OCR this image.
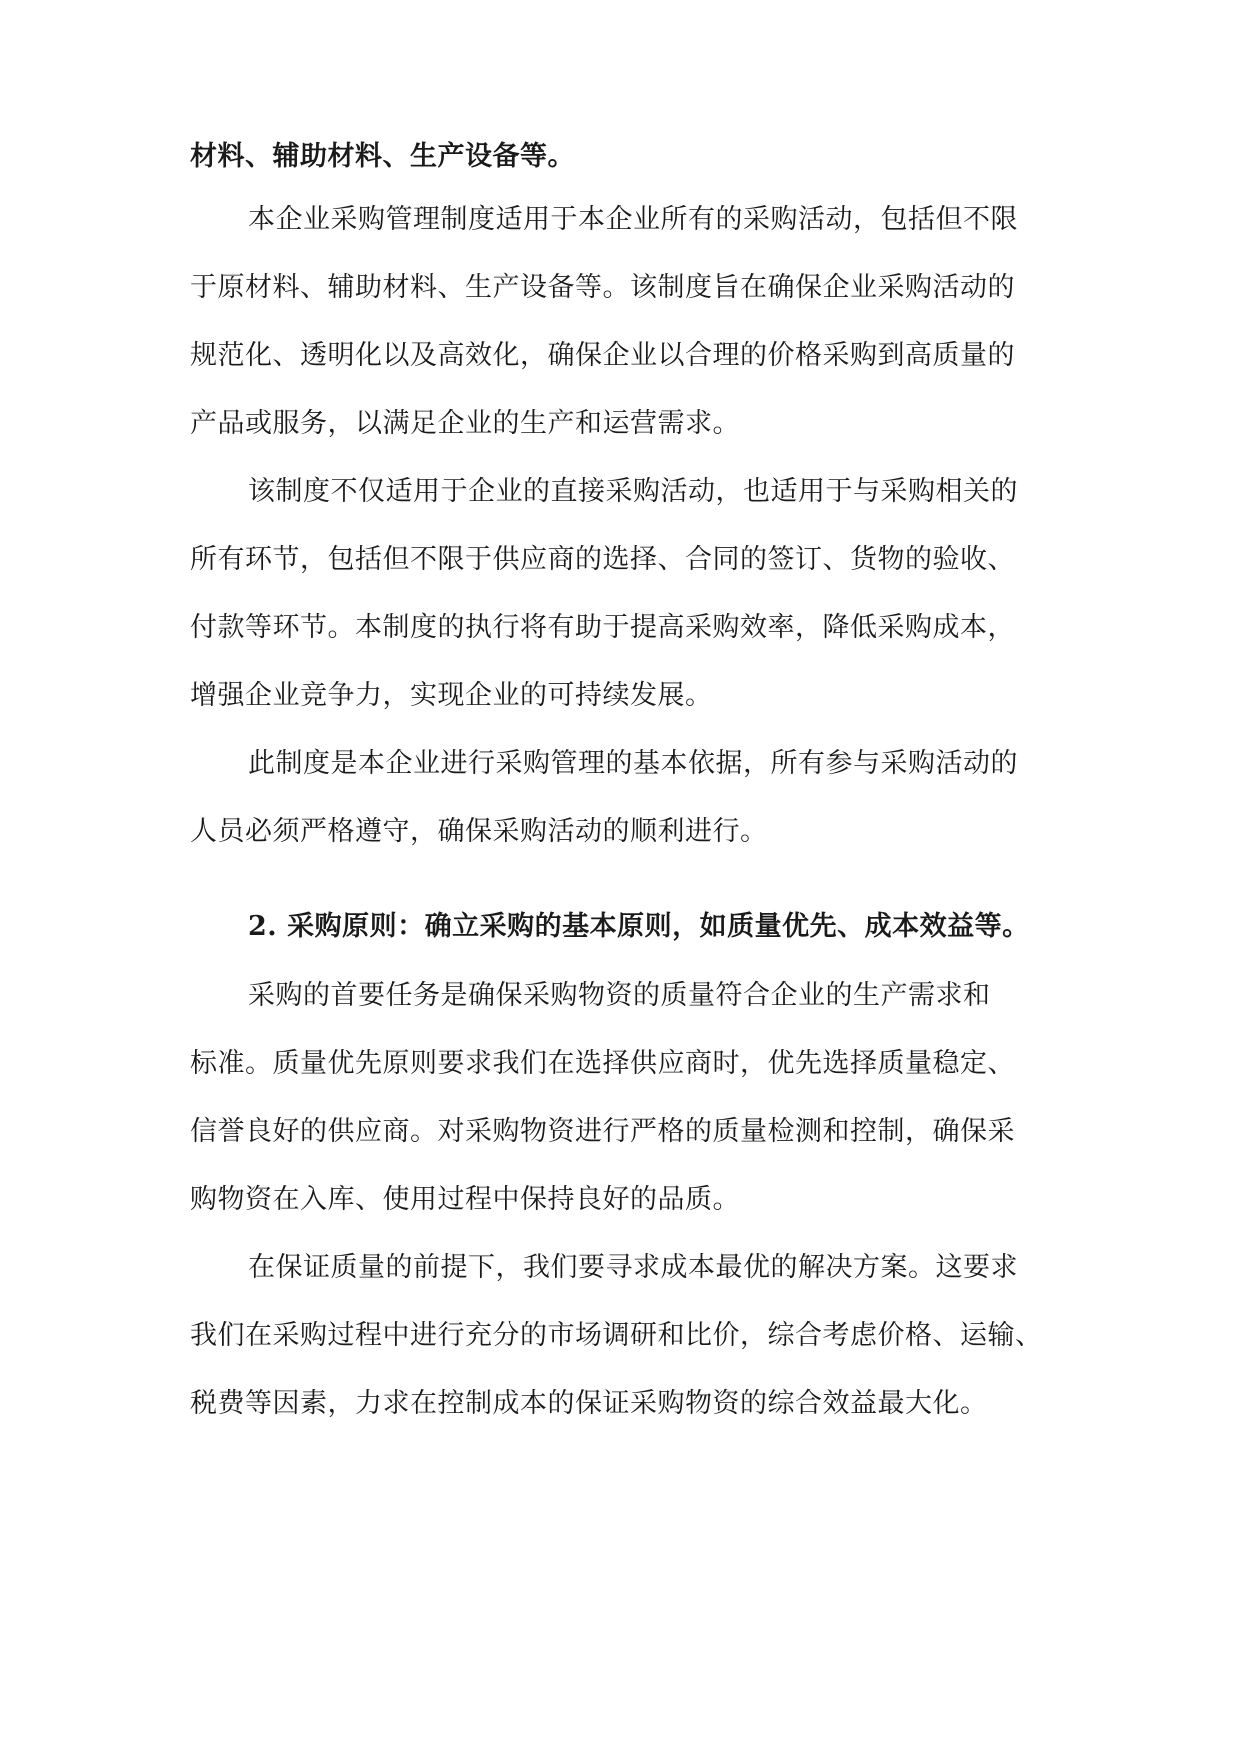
材料、辅助材料、生产设备等。
本企业采购管理制度适用于本企业所有的采购活动，包括但不限
于原材料、辅助材料、生产设备等。该制度旨在确保企业采购活动的
规范化、透明化以及高效化，确保企业以合理的价格采购到高质量的
产品或服务，以满足企业的生产和运营需求。
该制度不仅适用于企业的直接采购活动，也适用于与采购相关的
所有环节，包括但不限于供应商的选择、合同的签订、货物的验收、
付款等环节。本制度的执行将有助于提高采购效率，降低采购成本，
增强企业竞争力，实现企业的可持续发展。
此制度是本企业进行采购管理的基本依据，所有参与采购活动的
人员必须严格遵守，确保采购活动的顺利进行。
2. 采购原则：确立采购的基本原则，如质量优先、成本效益等。
采购的首要任务是确保采购物资的质量符合企业的生产需求和
标准。质量优先原则要求我们在选择供应商时，优先选择质量稳定、
信誉良好的供应商。对采购物资进行严格的质量检测和控制，确保采
购物资在入库、使用过程中保持良好的品质。
在保证质量的前提下，我们要寻求成本最优的解决方案。这要求
我们在采购过程中进行充分的市场调研和比价，综合考虑价格、运输、
税费等因素，力求在控制成本的保证采购物资的综合效益最大化。
